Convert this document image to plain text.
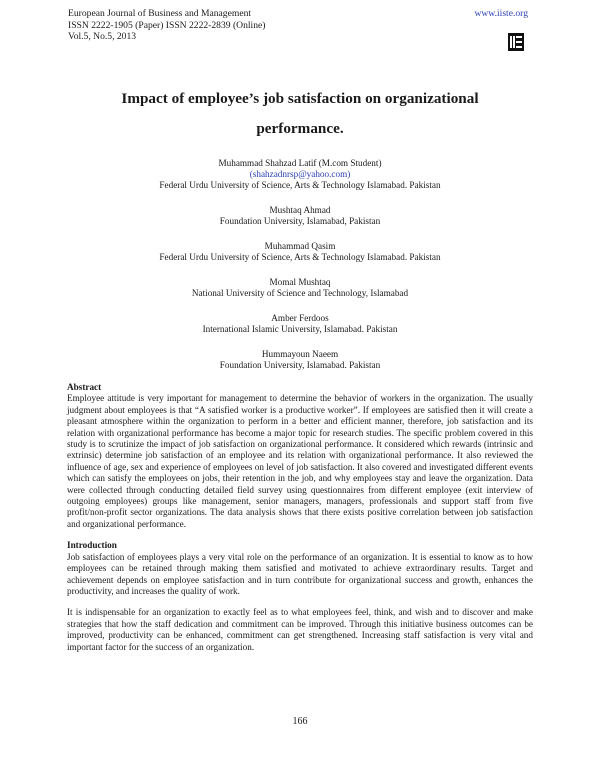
European Journal of Business and Management
ISSN 2222-1905 (Paper) ISSN 2222-2839 (Online)
Vol.5, No.5, 2013
www.iiste.org
Impact of employee’s job satisfaction on organizational
performance.
Muhammad Shahzad Latif (M.com Student)
(shahzadnrsp@yahoo.com)
Federal Urdu University of Science, Arts & Technology Islamabad. Pakistan
Mushtaq Ahmad
Foundation University, Islamabad, Pakistan
Muhammad Qasim
Federal Urdu University of Science, Arts & Technology Islamabad. Pakistan
Momal Mushtaq
National University of Science and Technology, Islamabad
Amber Ferdoos
International Islamic University, Islamabad. Pakistan
Hummayoun Naeem
Foundation University, Islamabad. Pakistan
Abstract

Employee attitude is very important for management to determine the behavior of workers in the organization. The usually judgment about employees is that “A satisfied worker is a productive worker”. If employees are satisfied then it will create a pleasant atmosphere within the organization to perform in a better and efficient manner, therefore, job satisfaction and its relation with organizational performance has become a major topic for research studies. The specific problem covered in this study is to scrutinize the impact of job satisfaction on organizational performance. It considered which rewards (intrinsic and extrinsic) determine job satisfaction of an employee and its relation with organizational performance. It also reviewed the influence of age, sex and experience of employees on level of job satisfaction. It also covered and investigated different events which can satisfy the employees on jobs, their retention in the job, and why employees stay and leave the organization. Data were collected through conducting detailed field survey using questionnaires from different employee (exit interview of outgoing employees) groups like management, senior managers, managers, professionals and support staff from five profit/non-profit sector organizations. The data analysis shows that there exists positive correlation between job satisfaction and organizational performance.

Introduction

Job satisfaction of employees plays a very vital role on the performance of an organization. It is essential to know as to how employees can be retained through making them satisfied and motivated to achieve extraordinary results. Target and achievement depends on employee satisfaction and in turn contribute for organizational success and growth, enhances the productivity, and increases the quality of work.

It is indispensable for an organization to exactly feel as to what employees feel, think, and wish and to discover and make strategies that how the staff dedication and commitment can be improved. Through this initiative business outcomes can be improved, productivity can be enhanced, commitment can get strengthened. Increasing staff satisfaction is very vital and important factor for the success of an organization.

166
